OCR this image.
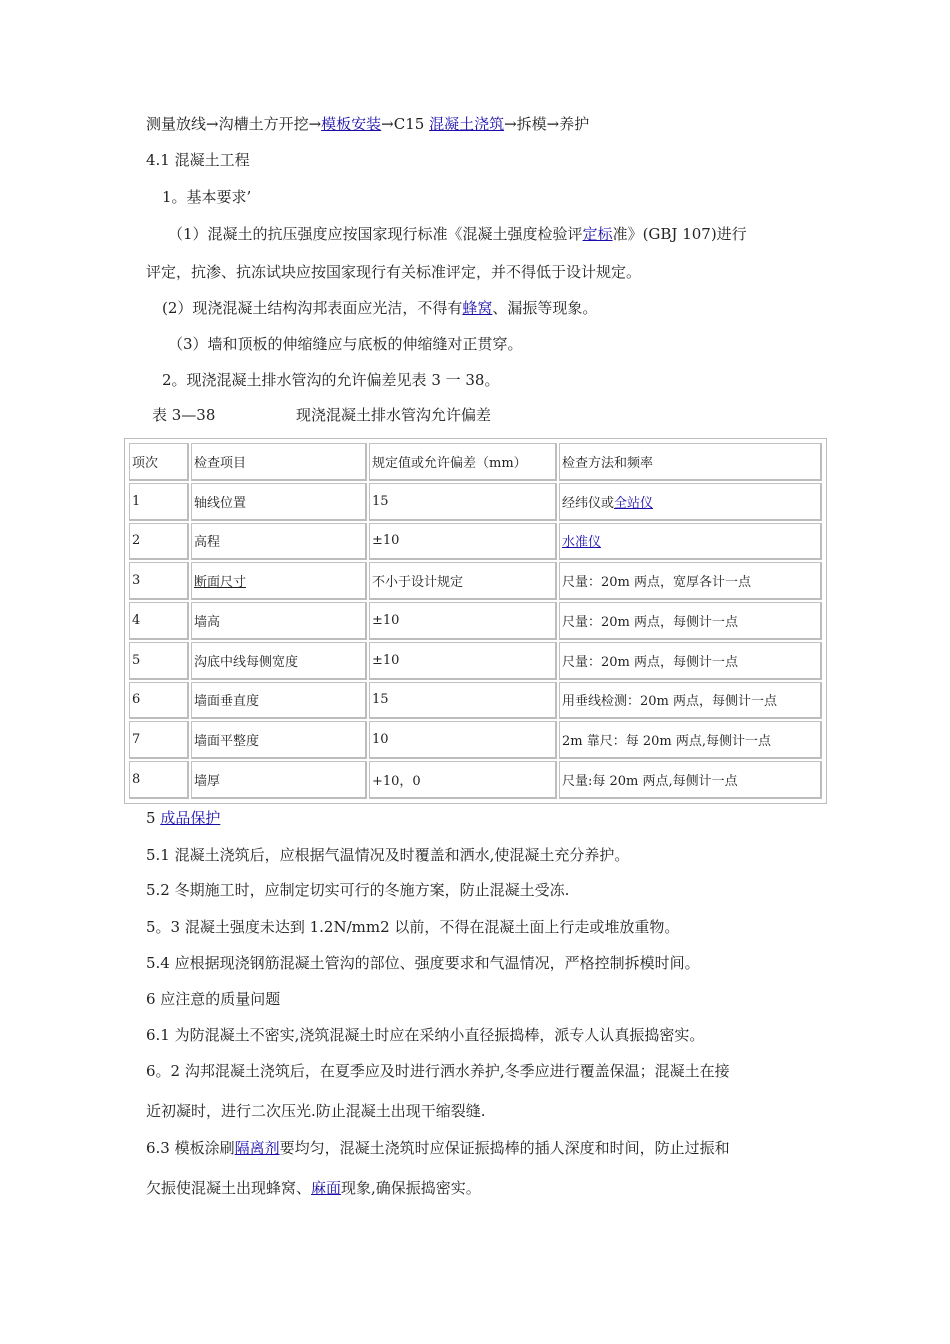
测量放线→沟槽土方开挖→模板安装→C15 混凝土浇筑→拆模→养护
4.1 混凝土工程
1。基本要求’
（1）混凝土的抗压强度应按国家现行标准《混凝土强度检验评定标准》(GBJ 107)进行
评定，抗渗、抗冻试块应按国家现行有关标准评定，并不得低于设计规定。
(2）现浇混凝土结构沟邦表面应光洁，不得有蜂窝、漏振等现象。
（3）墙和顶板的伸缩缝应与底板的伸缩缝对正贯穿。
2。现浇混凝土排水管沟的允许偏差见表 3 一 38。
表 3—38	现浇混凝土排水管沟允许偏差
项次	检查项目	规定值或允许偏差（mm）	检查方法和频率
1	轴线位置	15	经纬仪或全站仪
2	高程	±10	水准仪
3	断面尺寸	不小于设计规定	尺量：20m 两点，宽厚各计一点
4	墙高	±10	尺量：20m 两点，每侧计一点
5	沟底中线每侧宽度	±10	尺量：20m 两点，每侧计一点
6	墙面垂直度	15	用垂线检测：20m 两点，每侧计一点
7	墙面平整度	10	2m 靠尺：每 20m 两点,每侧计一点
8	墙厚	+10，0	尺量:每 20m 两点,每侧计一点
5 成品保护
5.1 混凝土浇筑后，应根据气温情况及时覆盖和洒水,使混凝土充分养护。
5.2 冬期施工时，应制定切实可行的冬施方案，防止混凝土受冻.
5。3 混凝土强度未达到 1.2N/mm2 以前，不得在混凝土面上行走或堆放重物。
5.4 应根据现浇钢筋混凝土管沟的部位、强度要求和气温情况，严格控制拆模时间。
6 应注意的质量问题
6.1 为防混凝土不密实,浇筑混凝土时应在采纳小直径振捣棒，派专人认真振捣密实。
6。2 沟邦混凝土浇筑后，在夏季应及时进行洒水养护,冬季应进行覆盖保温；混凝土在接
近初凝时，进行二次压光.防止混凝土出现干缩裂缝.
6.3 模板涂刷隔离剂要均匀，混凝土浇筑时应保证振捣棒的插人深度和时间，防止过振和
欠振使混凝土出现蜂窝、麻面现象,确保振捣密实。
